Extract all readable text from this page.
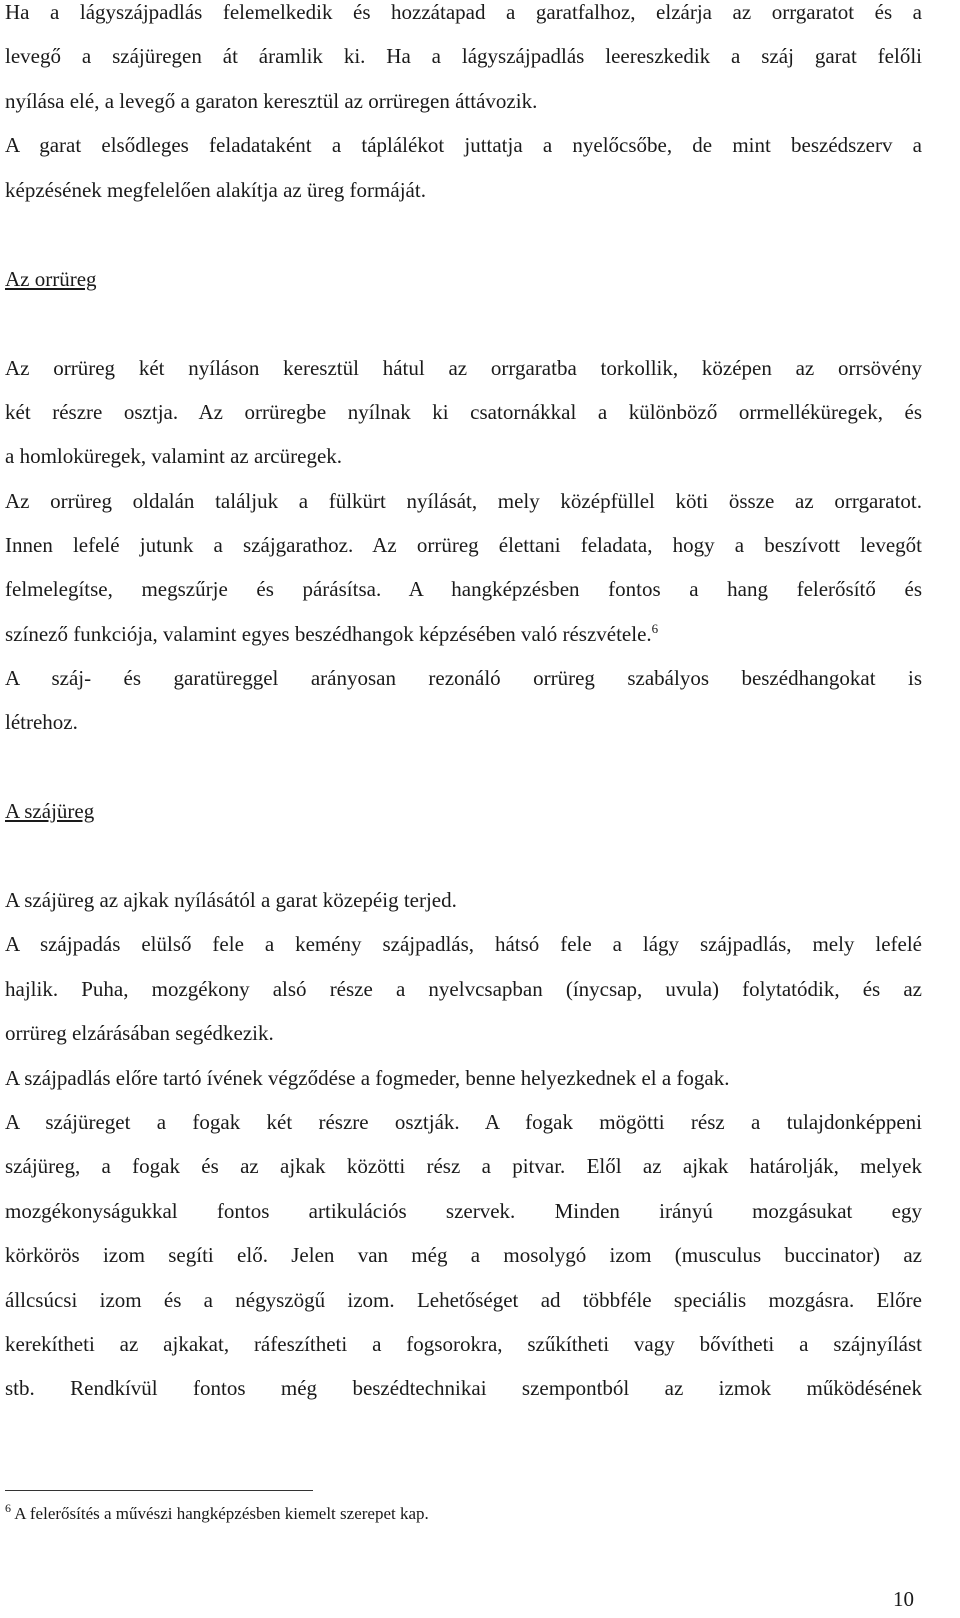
Ha a lágyszájpadlás felemelkedik és hozzátapad a garatfalhoz, elzárja az orrgaratot és a
levegő a szájüregen át áramlik ki. Ha a lágyszájpadlás leereszkedik a száj garat felőli
nyílása elé, a levegő a garaton keresztül az orrüregen áttávozik.
A garat elsődleges feladataként a táplálékot juttatja a nyelőcsőbe, de mint beszédszerv a
képzésének megfelelően alakítja az üreg formáját.
Az orrüreg
Az orrüreg két nyíláson keresztül hátul az orrgaratba torkollik, középen az orrsövény
két részre osztja. Az orrüregbe nyílnak ki csatornákkal a különböző orrmelléküregek, és
a homloküregek, valamint az arcüregek.
Az orrüreg oldalán találjuk a fülkürt nyílását, mely középfüllel köti össze az orrgaratot.
Innen lefelé jutunk a szájgarathoz. Az orrüreg élettani feladata, hogy a beszívott levegőt
felmelegítse, megszűrje és párásítsa. A hangképzésben fontos a hang felerősítő és
színező funkciója, valamint egyes beszédhangok képzésében való részvétele.$^6$
A száj- és garatüreggel arányosan rezonáló orrüreg szabályos beszédhangokat is
létrehoz.
A szájüreg
A szájüreg az ajkak nyílásától a garat közepéig terjed.
A szájpadás elülső fele a kemény szájpadlás, hátsó fele a lágy szájpadlás, mely lefelé
hajlik. Puha, mozgékony alsó része a nyelvcsapban (ínycsap, uvula) folytatódik, és az
orrüreg elzárásában segédkezik.
A szájpadlás előre tartó ívének végződése a fogmeder, benne helyezkednek el a fogak.
A szájüreget a fogak két részre osztják. A fogak mögötti rész a tulajdonképpeni
szájüreg, a fogak és az ajkak közötti rész a pitvar. Elől az ajkak határolják, melyek
mozgékonyságukkal fontos artikulációs szervek. Minden irányú mozgásukat egy
körkörös izom segíti elő. Jelen van még a mosolygó izom (musculus buccinator) az
állcsúcsi izom és a négyszögű izom. Lehetőséget ad többféle speciális mozgásra. Előre
kerekítheti az ajkakat, ráfeszítheti a fogsorokra, szűkítheti vagy bővítheti a szájnyílást
stb. Rendkívül fontos még beszédtechnikai szempontból az izmok működésének
$^6$ A felerősítés a művészi hangképzésben kiemelt szerepet kap.
10
